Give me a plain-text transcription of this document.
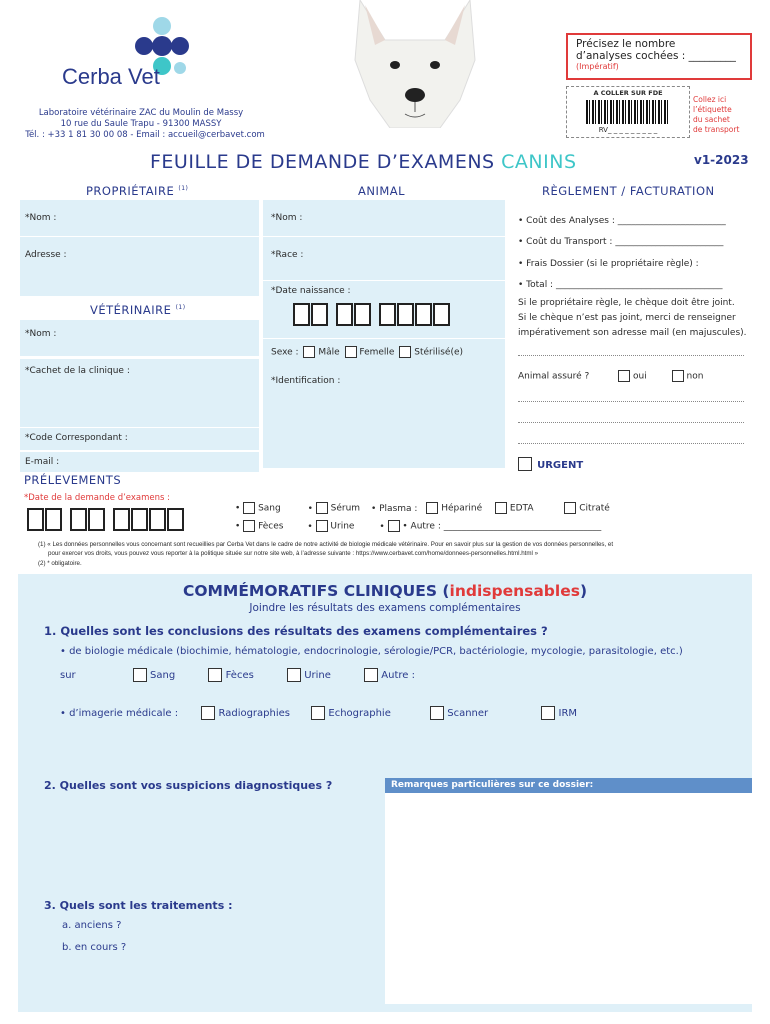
Cerba Vet
Laboratoire vétérinaire ZAC du Moulin de Massy
10 rue du Saule Trapu - 91300 MASSY
Tél. : +33 1 81 30 00 08 - Email : accueil@cerbavet.com
Précisez le nombre
d’analyses cochées : _________
(Impératif)
A COLLER SUR FDE
RV_ _ _ _ _ _ _ _ _
Collez ici
l’étiquette
du sachet
de transport
FEUILLE DE DEMANDE D’EXAMENS CANINS	v1-2023
PROPRIÉTAIRE $^{(1)}$	ANIMAL	RÈGLEMENT / FACTURATION
*Nom :
Adresse :
VÉTÉRINAIRE $^{(1)}$
*Nom :
*Cachet de la clinique :
*Code Correspondant :
E-mail :
*Nom :
*Race :
*Date naissance :
Sexe : Mâle Femelle Stérilisé(e)
*Identification :
• Coût des Analyses : ________________________
• Coût du Transport : ________________________
• Frais Dossier (si le propriétaire règle) :
• Total : _____________________________________
Si le propriétaire règle, le chèque doit être joint.
Si le chèque n’est pas joint, merci de renseigner
impérativement son adresse mail (en majuscules).
Animal assuré ?	oui	non
URGENT
PRÉLEVEMENTS
*Date de la demande d’examens :
• Sang	• Sérum • Plasma :	Hépariné	EDTA	Citraté
• Fèces	• Urine	• • Autre : ___________________________________
(1) « Les données personnelles vous concernant sont recueillies par Cerba Vet dans le cadre de notre activité de biologie médicale vétérinaire. Pour en savoir plus sur la gestion de vos données personnelles, et
pour exercer vos droits, vous pouvez vous reporter à la politique située sur notre site web, à l’adresse suivante : https://www.cerbavet.com/home/donnees-personnelles.html.html »
(2) * obligatoire.
COMMÉMORATIFS CLINIQUES (indispensables)
Joindre les résultats des examens complémentaires
1. Quelles sont les conclusions des résultats des examens complémentaires ?
• de biologie médicale (biochimie, hématologie, endocrinologie, sérologie/PCR, bactériologie, mycologie, parasitologie, etc.)
sur	Sang	Fèces	Urine	Autre :
• d’imagerie médicale :	Radiographies	Echographie	Scanner	IRM
2. Quelles sont vos suspicions diagnostiques ?	Remarques particulières sur ce dossier:
3. Quels sont les traitements :
a. anciens ?
b. en cours ?
